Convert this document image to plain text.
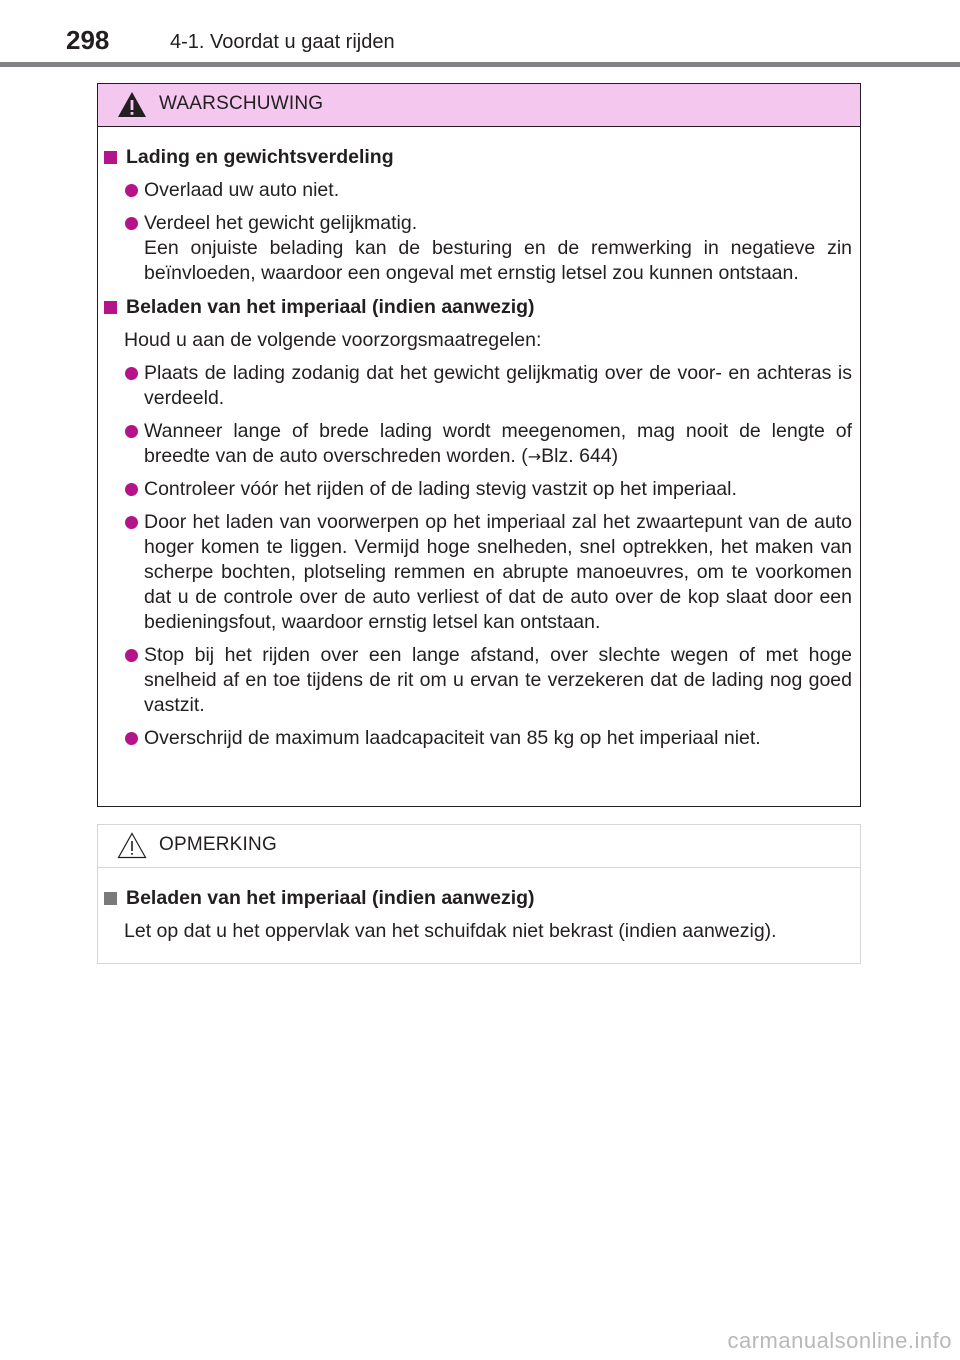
298	4-1. Voordat u gaat rijden
WAARSCHUWING
Lading en gewichtsverdeling
Overlaad uw auto niet.
Verdeel het gewicht gelijkmatig.
Een onjuiste belading kan de besturing en de remwerking in negatieve zin beïnvloeden, waardoor een ongeval met ernstig letsel zou kunnen ontstaan.
Beladen van het imperiaal (indien aanwezig)
Houd u aan de volgende voorzorgsmaatregelen:
Plaats de lading zodanig dat het gewicht gelijkmatig over de voor- en achteras is verdeeld.
Wanneer lange of brede lading wordt meegenomen, mag nooit de lengte of breedte van de auto overschreden worden. (→Blz. 644)
Controleer vóór het rijden of de lading stevig vastzit op het imperiaal.
Door het laden van voorwerpen op het imperiaal zal het zwaartepunt van de auto hoger komen te liggen. Vermijd hoge snelheden, snel optrekken, het maken van scherpe bochten, plotseling remmen en abrupte manoeuvres, om te voorkomen dat u de controle over de auto verliest of dat de auto over de kop slaat door een bedieningsfout, waardoor ernstig letsel kan ontstaan.
Stop bij het rijden over een lange afstand, over slechte wegen of met hoge snelheid af en toe tijdens de rit om u ervan te verzekeren dat de lading nog goed vastzit.
Overschrijd de maximum laadcapaciteit van 85 kg op het imperiaal niet.
OPMERKING
Beladen van het imperiaal (indien aanwezig)
Let op dat u het oppervlak van het schuifdak niet bekrast (indien aanwezig).
carmanualsonline.info
